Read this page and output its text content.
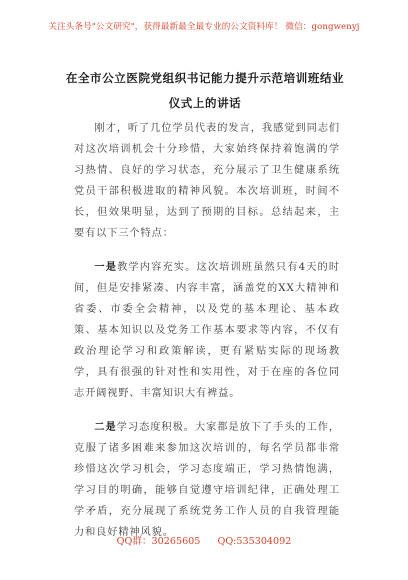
关注头条号"公文研究"，获得最新最全最专业的公文资料库！ 微信：gongwenyj
在全市公立医院党组织书记能力提升示范培训班结业仪式上的讲话

刚才，听了几位学员代表的发言，我感觉到同志们对这次培训机会十分珍惜，大家始终保持着饱满的学习热情、良好的学习状态，充分展示了卫生健康系统党员干部积极进取的精神风貌。本次培训班，时间不长，但效果明显，达到了预期的目标。总结起来，主要有以下三个特点：

一是教学内容充实。这次培训班虽然只有4天的时间，但是安排紧凑、内容丰富，涵盖党的XX大精神和省委、市委全会精神，以及党的基本理论、基本政策、基本知识以及党务工作基本要求等内容，不仅有政治理论学习和政策解读，更有紧贴实际的现场教学，具有很强的针对性和实用性，对于在座的各位同志开阔视野、丰富知识大有裨益。

二是学习态度积极。大家都是放下了手头的工作，克服了诸多困难来参加这次培训的，每名学员都非常珍惜这次学习机会，学习态度端正，学习热情饱满，学习目的明确，能够自觉遵守培训纪律，正确处理工学矛盾，充分展现了系统党务工作人员的自我管理能力和良好精神风貌。

QQ群：30265605 QQ:535304092
